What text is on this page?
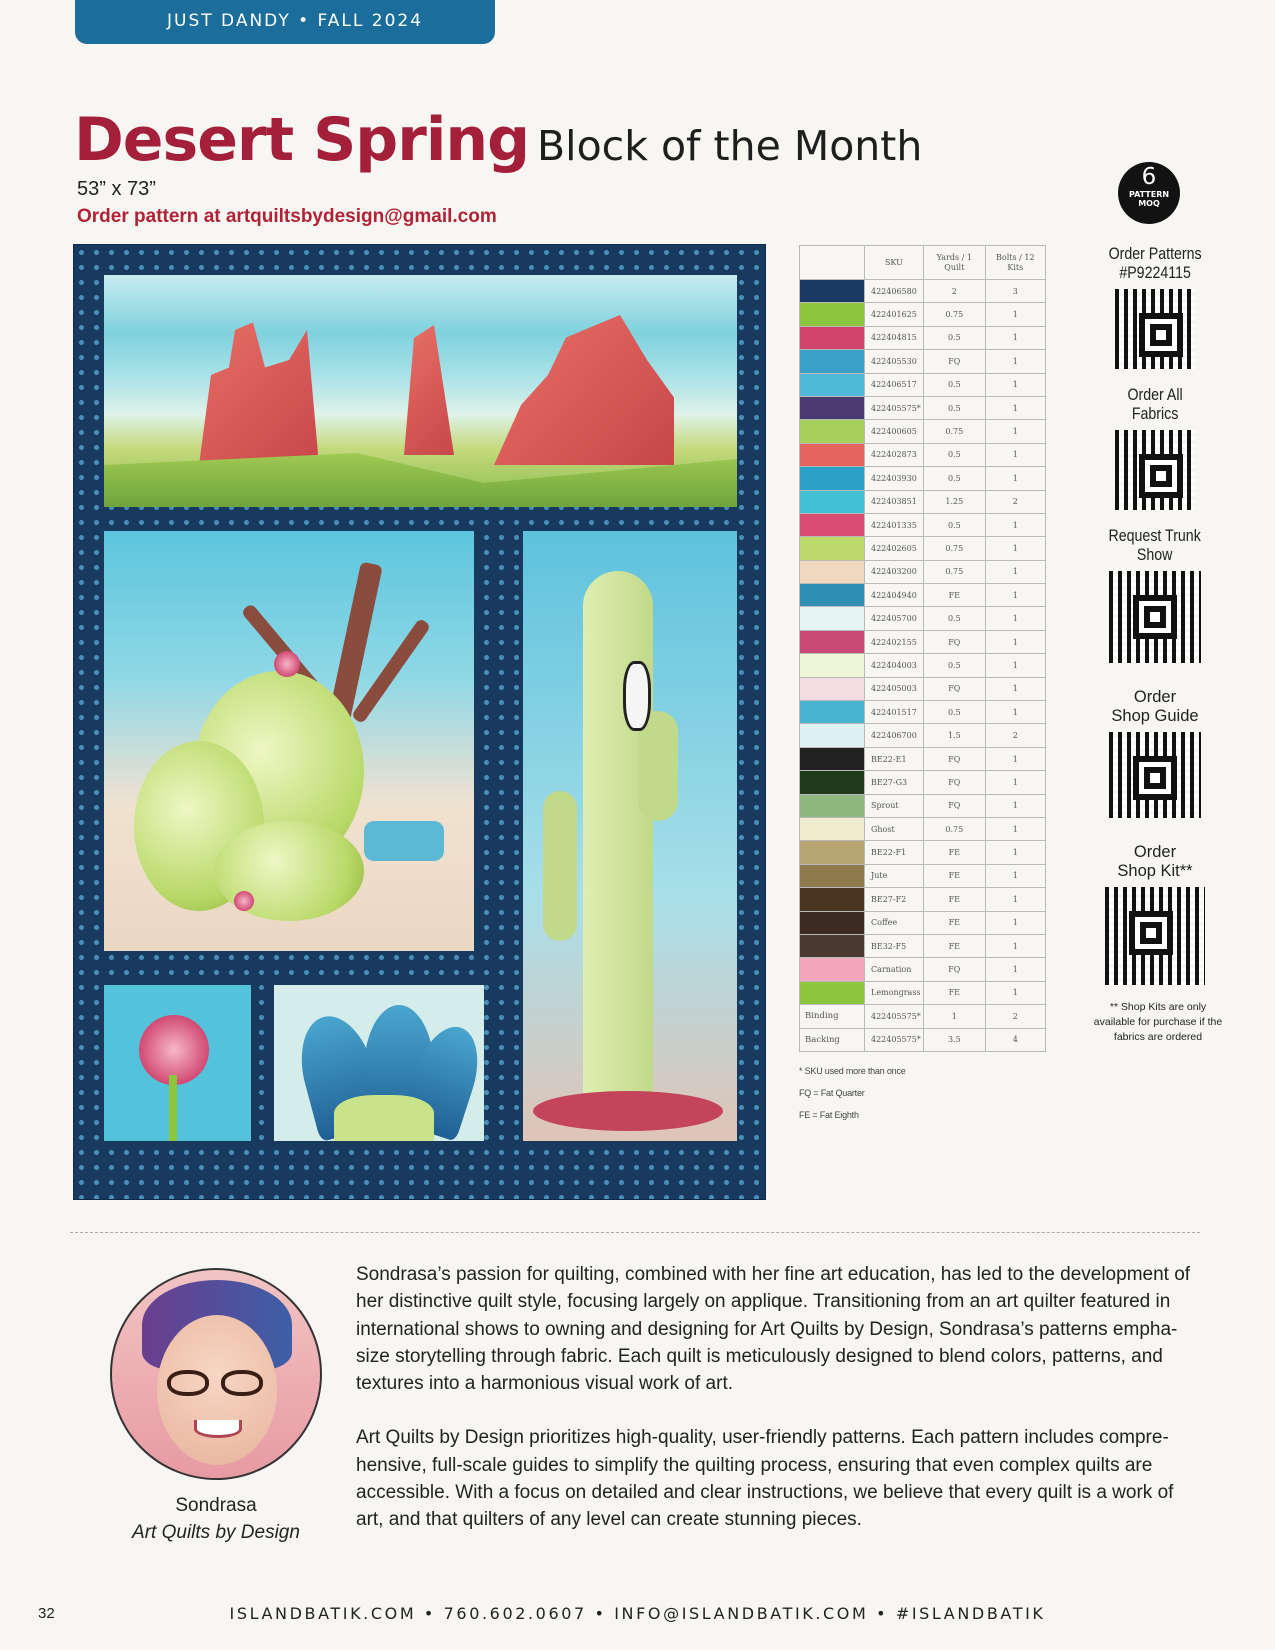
JUST DANDY • FALL 2024
Desert Spring Block of the Month
53” x 73”
Order pattern at artquiltsbydesign@gmail.com
6
PATTERN
MOQ
	SKU	Yards / 1 Quilt	Bolts / 12 Kits
	422406580	2	3
	422401625	0.75	1
	422404815	0.5	1
	422405530	FQ	1
	422406517	0.5	1
	422405575*	0.5	1
	422400605	0.75	1
	422402873	0.5	1
	422403930	0.5	1
	422403851	1.25	2
	422401335	0.5	1
	422402605	0.75	1
	422403200	0.75	1
	422404940	FE	1
	422405700	0.5	1
	422402155	FQ	1
	422404003	0.5	1
	422405003	FQ	1
	422401517	0.5	1
	422406700	1.5	2
	BE22-E1	FQ	1
	BE27-G3	FQ	1
	Sprout	FQ	1
	Ghost	0.75	1
	BE22-F1	FE	1
	Jute	FE	1
	BE27-F2	FE	1
	Coffee	FE	1
	BE32-F5	FE	1
	Carnation	FQ	1
	Lemongrass	FE	1
Binding	422405575*	1	2
Backing	422405575*	3.5	4
* SKU used more than once
FQ = Fat Quarter
FE = Fat Eighth
Order Patterns
#P9224115
Order All
Fabrics
Request Trunk
Show
Order
Shop Guide
Order
Shop Kit**
** Shop Kits are only available for purchase if the fabrics are ordered
Sondrasa
Art Quilts by Design

Sondrasa’s passion for quilting, combined with her fine art education, has led to the development of her distinctive quilt style, focusing largely on applique. Transitioning from an art quilter featured in international shows to owning and designing for Art Quilts by Design, Sondrasa’s patterns empha-size storytelling through fabric. Each quilt is meticulously designed to blend colors, patterns, and textures into a harmonious visual work of art.

Art Quilts by Design prioritizes high-quality, user-friendly patterns. Each pattern includes compre-hensive, full-scale guides to simplify the quilting process, ensuring that even complex quilts are accessible. With a focus on detailed and clear instructions, we believe that every quilt is a work of art, and that quilters of any level can create stunning pieces.

32	ISLANDBATIK.COM • 760.602.0607 • INFO@ISLANDBATIK.COM • #ISLANDBATIK
